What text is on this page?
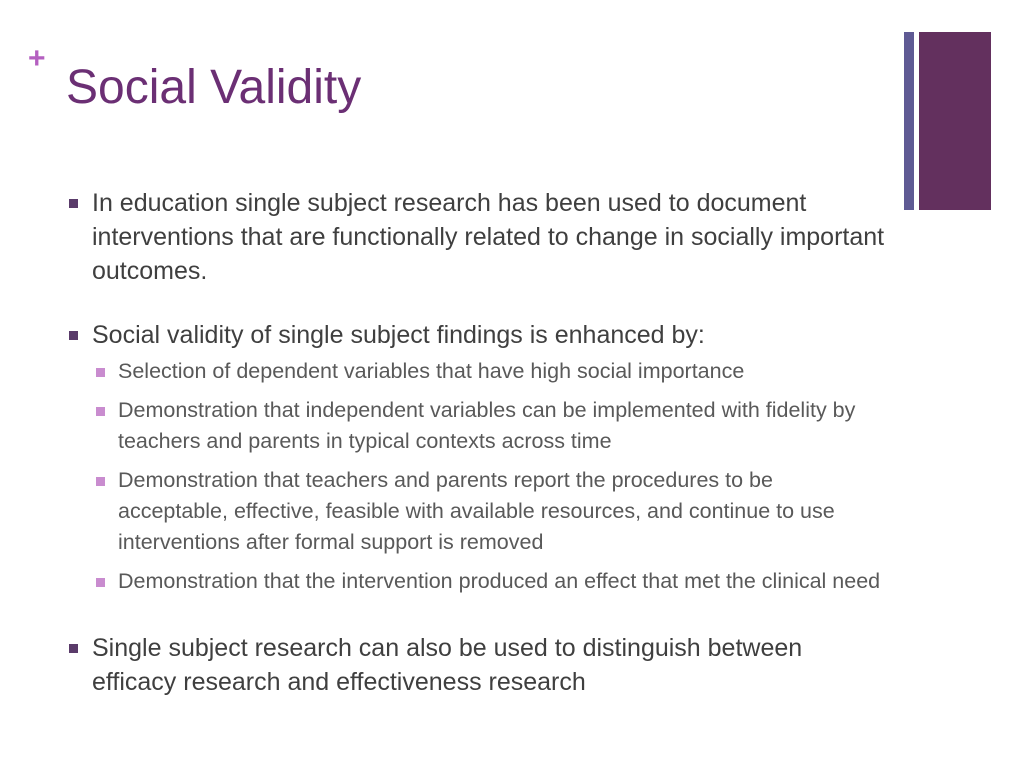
+
Social Validity
In education single subject research has been used to document interventions that are functionally related to change in socially important outcomes.
Social validity of single subject findings is enhanced by:
Selection of dependent variables that have high social importance
Demonstration that independent variables can be implemented with fidelity by teachers and parents in typical contexts across time
Demonstration that teachers and parents report the procedures to be acceptable, effective, feasible with available resources, and continue to use interventions after formal support is removed
Demonstration that the intervention produced an effect that met the clinical need
Single subject research can also be used to distinguish between efficacy research and effectiveness research
